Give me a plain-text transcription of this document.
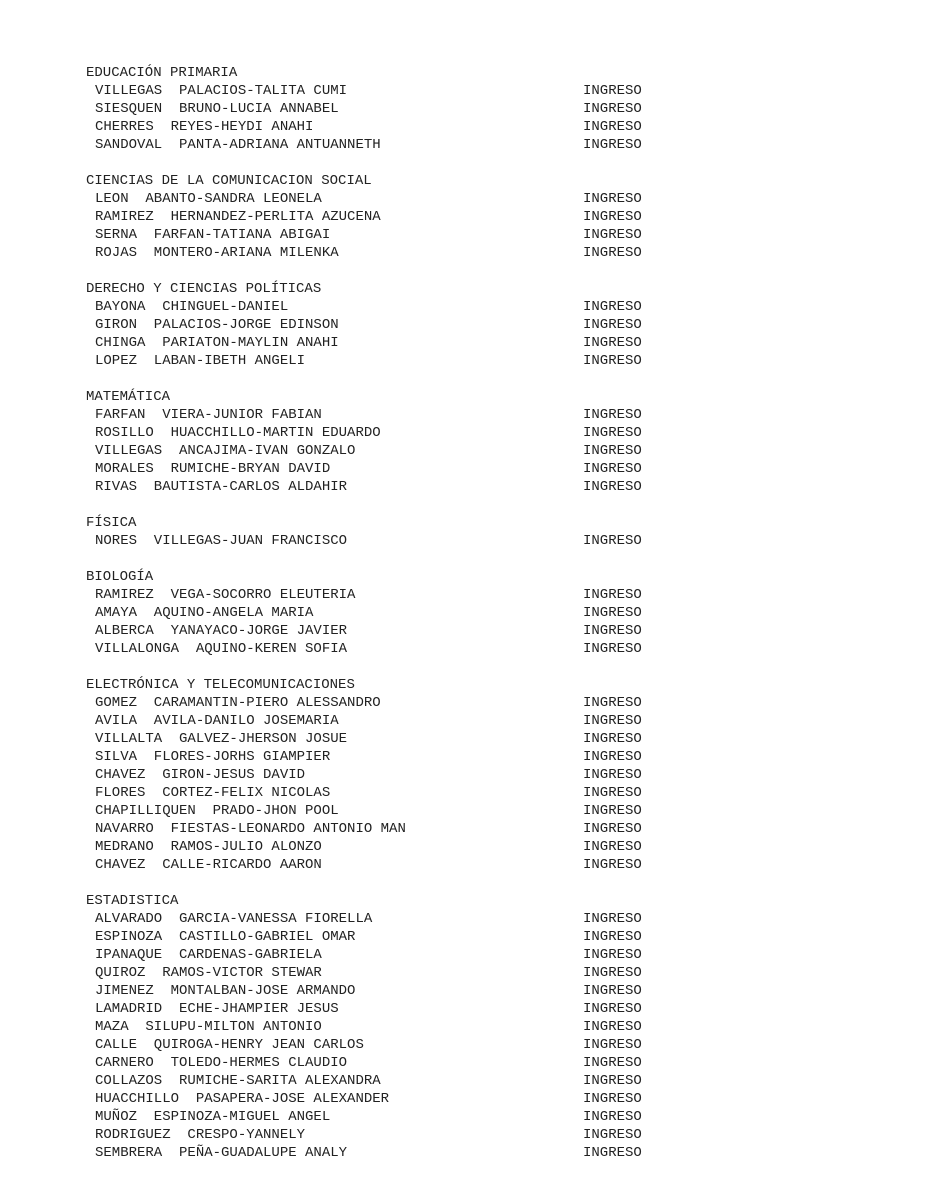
EDUCACIÓN PRIMARIA
VILLEGAS  PALACIOS-TALITA CUMI	INGRESO
SIESQUEN  BRUNO-LUCIA ANNABEL	INGRESO
CHERRES  REYES-HEYDI ANAHI	INGRESO
SANDOVAL  PANTA-ADRIANA ANTUANNETH	INGRESO
CIENCIAS DE LA COMUNICACION SOCIAL
LEON  ABANTO-SANDRA LEONELA	INGRESO
RAMIREZ  HERNANDEZ-PERLITA AZUCENA	INGRESO
SERNA  FARFAN-TATIANA ABIGAI	INGRESO
ROJAS  MONTERO-ARIANA MILENKA	INGRESO
DERECHO Y CIENCIAS POLÍTICAS
BAYONA  CHINGUEL-DANIEL	INGRESO
GIRON  PALACIOS-JORGE EDINSON	INGRESO
CHINGA  PARIATON-MAYLIN ANAHI	INGRESO
LOPEZ  LABAN-IBETH ANGELI	INGRESO
MATEMÁTICA
FARFAN  VIERA-JUNIOR FABIAN	INGRESO
ROSILLO  HUACCHILLO-MARTIN EDUARDO	INGRESO
VILLEGAS  ANCAJIMA-IVAN GONZALO	INGRESO
MORALES  RUMICHE-BRYAN DAVID	INGRESO
RIVAS  BAUTISTA-CARLOS ALDAHIR	INGRESO
FÍSICA
NORES  VILLEGAS-JUAN FRANCISCO	INGRESO
BIOLOGÍA
RAMIREZ  VEGA-SOCORRO ELEUTERIA	INGRESO
AMAYA  AQUINO-ANGELA MARIA	INGRESO
ALBERCA  YANAYACO-JORGE JAVIER	INGRESO
VILLALONGA  AQUINO-KEREN SOFIA	INGRESO
ELECTRÓNICA Y TELECOMUNICACIONES
GOMEZ  CARAMANTIN-PIERO ALESSANDRO	INGRESO
AVILA  AVILA-DANILO JOSEMARIA	INGRESO
VILLALTA  GALVEZ-JHERSON JOSUE	INGRESO
SILVA  FLORES-JORHS GIAMPIER	INGRESO
CHAVEZ  GIRON-JESUS DAVID	INGRESO
FLORES  CORTEZ-FELIX NICOLAS	INGRESO
CHAPILLIQUEN  PRADO-JHON POOL	INGRESO
NAVARRO  FIESTAS-LEONARDO ANTONIO MAN	INGRESO
MEDRANO  RAMOS-JULIO ALONZO	INGRESO
CHAVEZ  CALLE-RICARDO AARON	INGRESO
ESTADISTICA
ALVARADO  GARCIA-VANESSA FIORELLA	INGRESO
ESPINOZA  CASTILLO-GABRIEL OMAR	INGRESO
IPANAQUE  CARDENAS-GABRIELA	INGRESO
QUIROZ  RAMOS-VICTOR STEWAR	INGRESO
JIMENEZ  MONTALBAN-JOSE ARMANDO	INGRESO
LAMADRID  ECHE-JHAMPIER JESUS	INGRESO
MAZA  SILUPU-MILTON ANTONIO	INGRESO
CALLE  QUIROGA-HENRY JEAN CARLOS	INGRESO
CARNERO  TOLEDO-HERMES CLAUDIO	INGRESO
COLLAZOS  RUMICHE-SARITA ALEXANDRA	INGRESO
HUACCHILLO  PASAPERA-JOSE ALEXANDER	INGRESO
MUÑOZ  ESPINOZA-MIGUEL ANGEL	INGRESO
RODRIGUEZ  CRESPO-YANNELY	INGRESO
SEMBRERA  PEÑA-GUADALUPE ANALY	INGRESO
